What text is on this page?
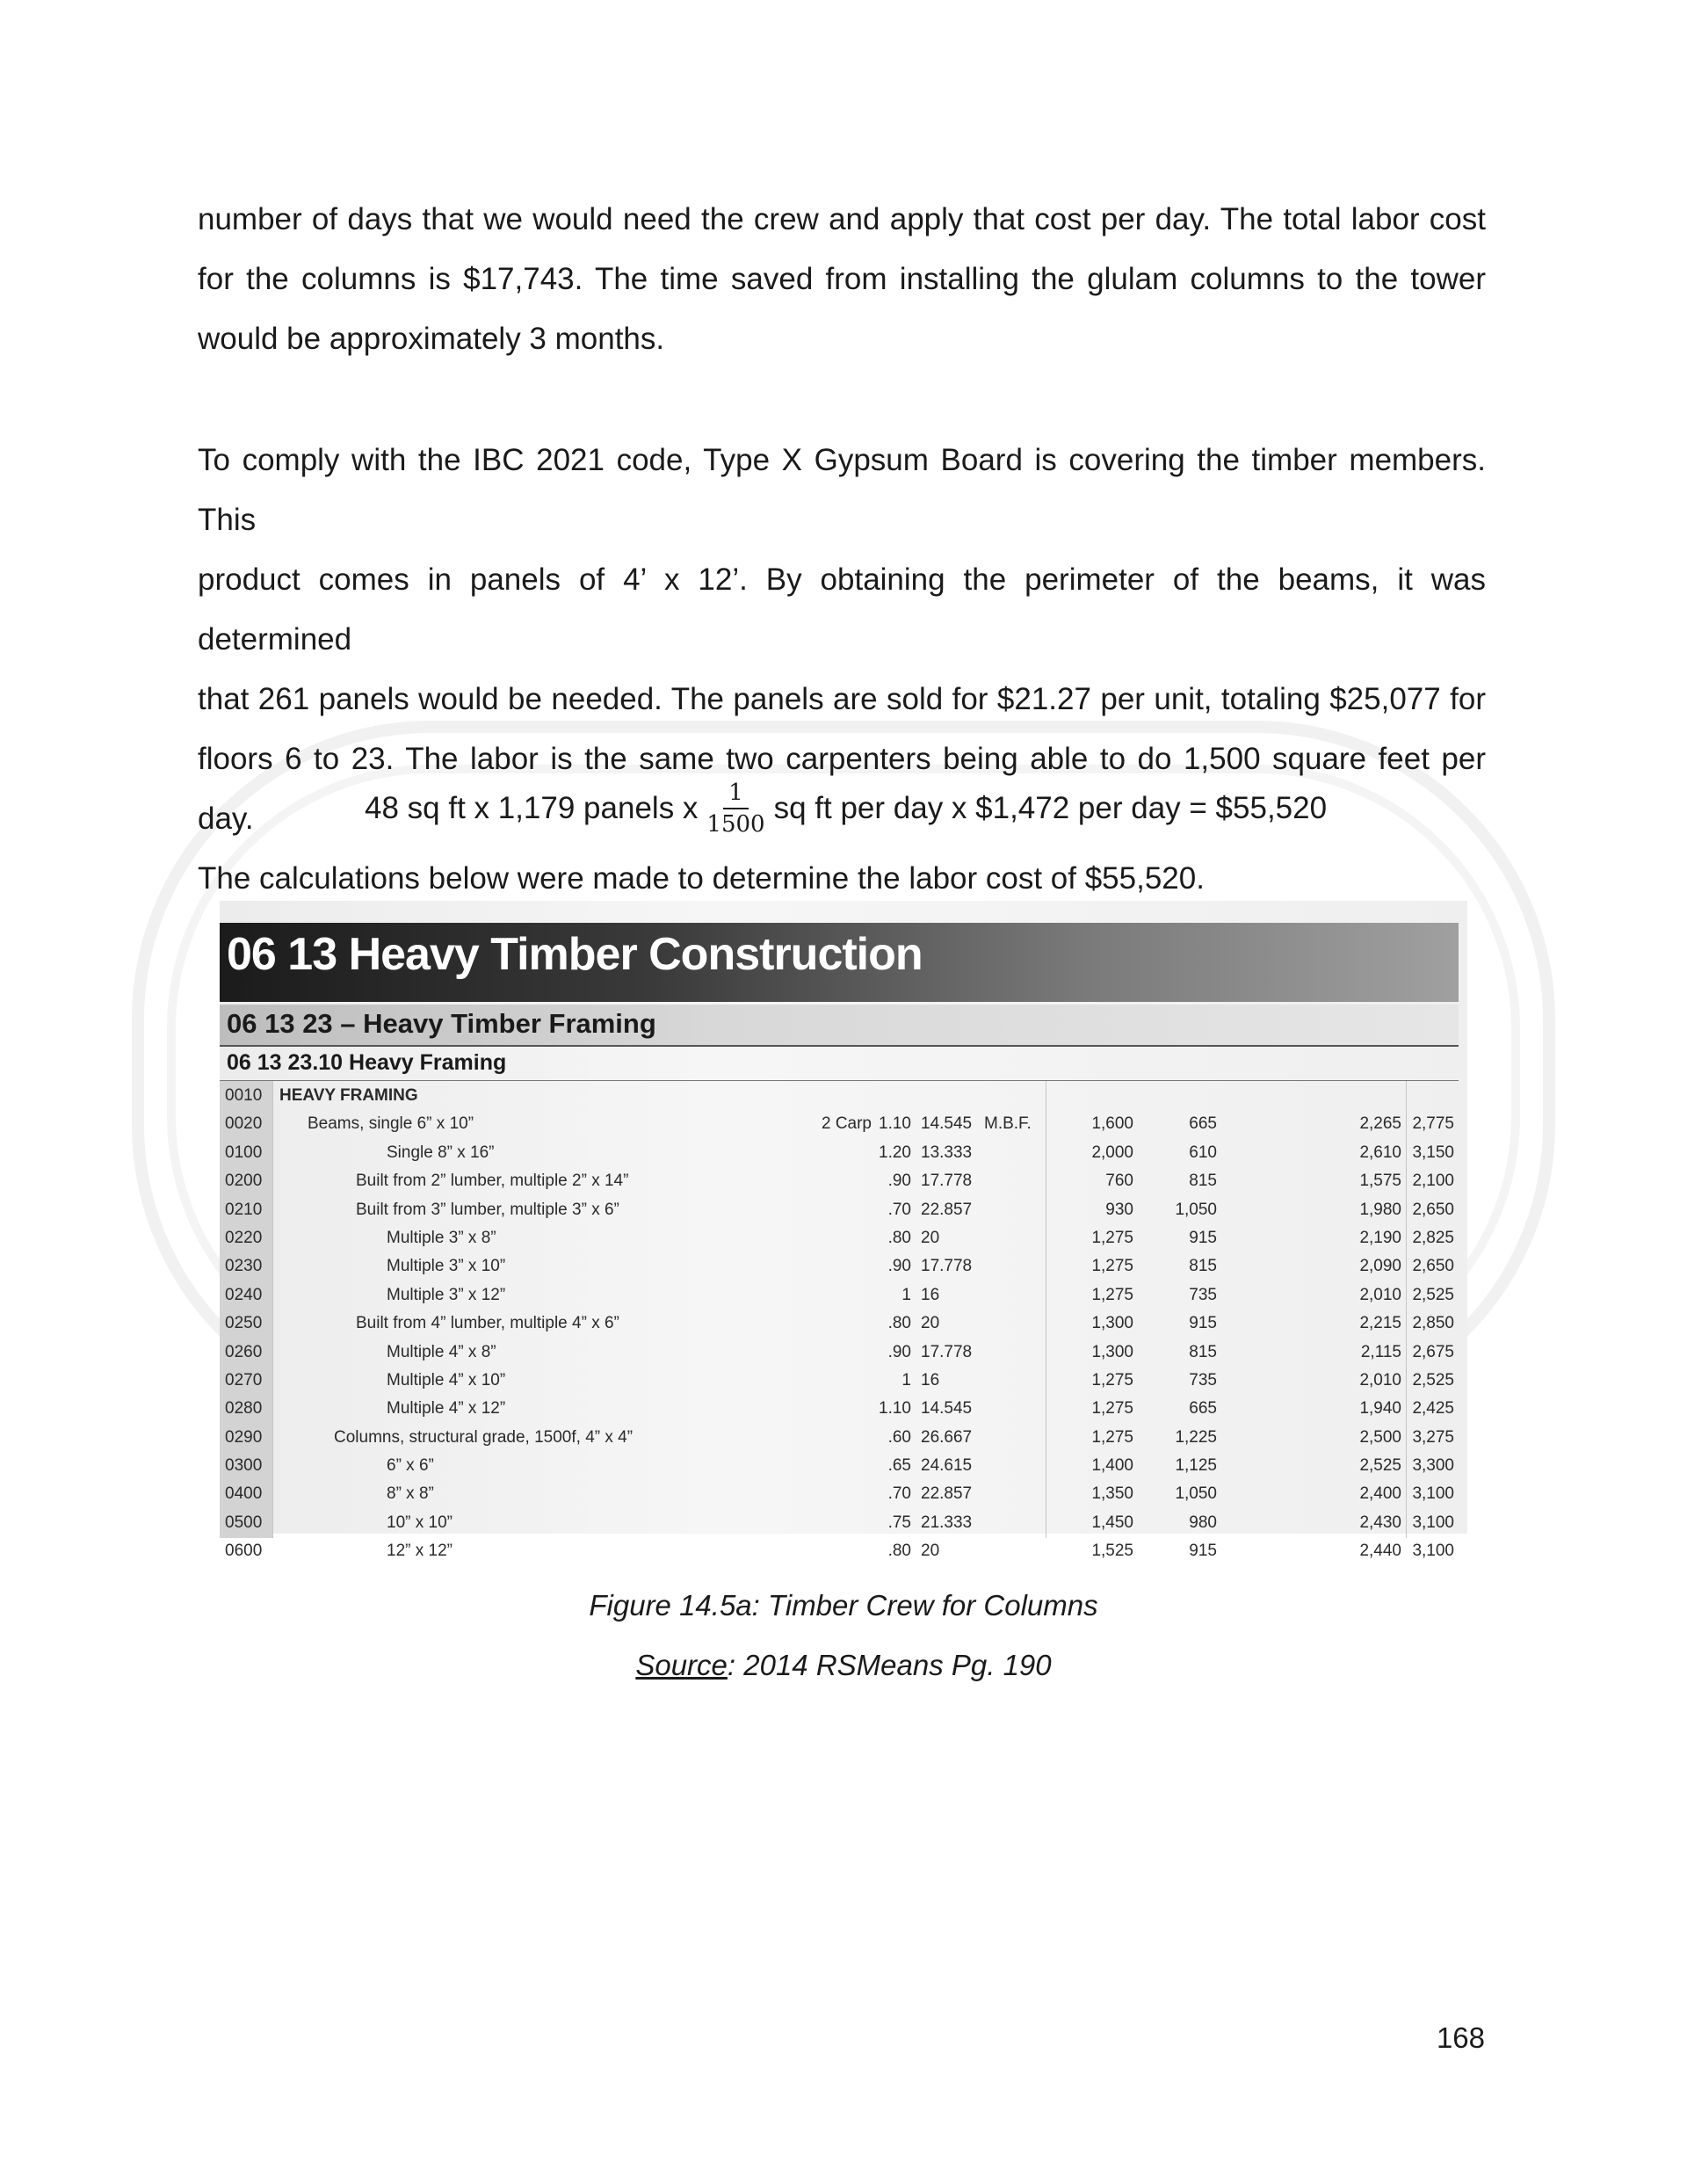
number of days that we would need the crew and apply that cost per day. The total labor cost
for the columns is $17,743. The time saved from installing the glulam columns to the tower
would be approximately 3 months.
To comply with the IBC 2021 code, Type X Gypsum Board is covering the timber members. This
product comes in panels of 4’ x 12’. By obtaining the perimeter of the beams, it was determined
that 261 panels would be needed. The panels are sold for $21.27 per unit, totaling $25,077 for
floors 6 to 23. The labor is the same two carpenters being able to do 1,500 square feet per day.
The calculations below were made to determine the labor cost of $55,520.
48 sq ft x 1,179 panels x $\frac{1}{1500}$ sq ft per day x $1,472 per day = $55,520
06 13 Heavy Timber Construction
06 13 23 – Heavy Timber Framing
06 13 23.10 Heavy Framing
0010 HEAVY FRAMING
0020	Beams, single 6” x 10”	2 Carp 1.10 14.545 M.B.F.	1,600	665	2,265 2,775
0100	Single 8” x 16”	1.20 13.333	2,000	610	2,610 3,150
0200	Built from 2” lumber, multiple 2” x 14”	.90 17.778	760	815	1,575 2,100
0210	Built from 3” lumber, multiple 3” x 6”	.70 22.857	930	1,050	1,980 2,650
0220	Multiple 3” x 8”	.80 20	1,275	915	2,190 2,825
0230	Multiple 3” x 10”	.90 17.778	1,275	815	2,090 2,650
0240	Multiple 3” x 12”	1 16	1,275	735	2,010 2,525
0250	Built from 4” lumber, multiple 4” x 6”	.80 20	1,300	915	2,215 2,850
0260	Multiple 4” x 8”	.90 17.778	1,300	815	2,115 2,675
0270	Multiple 4” x 10”	1 16	1,275	735	2,010 2,525
0280	Multiple 4” x 12”	1.10 14.545	1,275	665	1,940 2,425
0290	Columns, structural grade, 1500f, 4” x 4”	.60 26.667	1,275	1,225	2,500 3,275
0300	6” x 6”	.65 24.615	1,400	1,125	2,525 3,300
0400	8” x 8”	.70 22.857	1,350	1,050	2,400 3,100
0500	10” x 10”	.75 21.333	1,450	980	2,430 3,100
0600	12” x 12”	.80 20	1,525	915	2,440 3,100
Figure 14.5a: Timber Crew for Columns
Source: 2014 RSMeans Pg. 190
168
